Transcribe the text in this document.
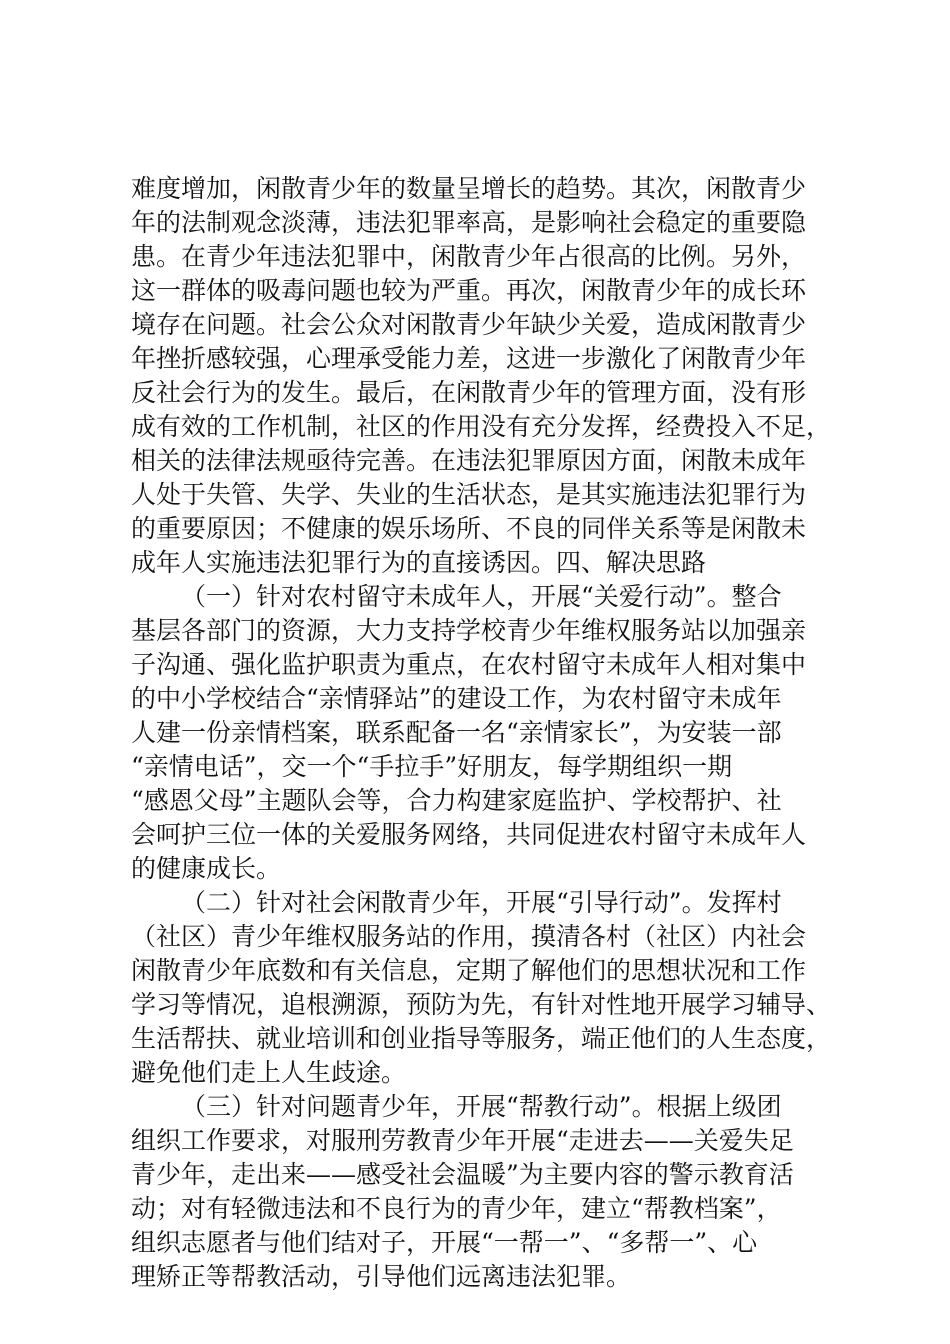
难度增加，闲散青少年的数量呈增长的趋势。其次，闲散青少
年的法制观念淡薄，违法犯罪率高，是影响社会稳定的重要隐
患。在青少年违法犯罪中，闲散青少年占很高的比例。另外，
这一群体的吸毒问题也较为严重。再次，闲散青少年的成长环
境存在问题。社会公众对闲散青少年缺少关爱，造成闲散青少
年挫折感较强，心理承受能力差，这进一步激化了闲散青少年
反社会行为的发生。最后，在闲散青少年的管理方面，没有形
成有效的工作机制，社区的作用没有充分发挥，经费投入不足，
相关的法律法规亟待完善。在违法犯罪原因方面，闲散未成年
人处于失管、失学、失业的生活状态，是其实施违法犯罪行为
的重要原因；不健康的娱乐场所、不良的同伴关系等是闲散未
成年人实施违法犯罪行为的直接诱因。四、解决思路
（一）针对农村留守未成年人，开展“关爱行动”。整合
基层各部门的资源，大力支持学校青少年维权服务站以加强亲
子沟通、强化监护职责为重点，在农村留守未成年人相对集中
的中小学校结合“亲情驿站”的建设工作，为农村留守未成年
人建一份亲情档案，联系配备一名“亲情家长”，为安装一部
“亲情电话”，交一个“手拉手”好朋友，每学期组织一期
“感恩父母”主题队会等，合力构建家庭监护、学校帮护、社
会呵护三位一体的关爱服务网络，共同促进农村留守未成年人
的健康成长。
（二）针对社会闲散青少年，开展“引导行动”。发挥村
（社区）青少年维权服务站的作用，摸清各村（社区）内社会
闲散青少年底数和有关信息，定期了解他们的思想状况和工作
学习等情况，追根溯源，预防为先，有针对性地开展学习辅导、
生活帮扶、就业培训和创业指导等服务，端正他们的人生态度，
避免他们走上人生歧途。
（三）针对问题青少年，开展“帮教行动”。根据上级团
组织工作要求，对服刑劳教青少年开展“走进去——关爱失足
青少年，走出来——感受社会温暖”为主要内容的警示教育活
动；对有轻微违法和不良行为的青少年，建立“帮教档案”，
组织志愿者与他们结对子，开展“一帮一”、“多帮一”、心
理矫正等帮教活动，引导他们远离违法犯罪。
